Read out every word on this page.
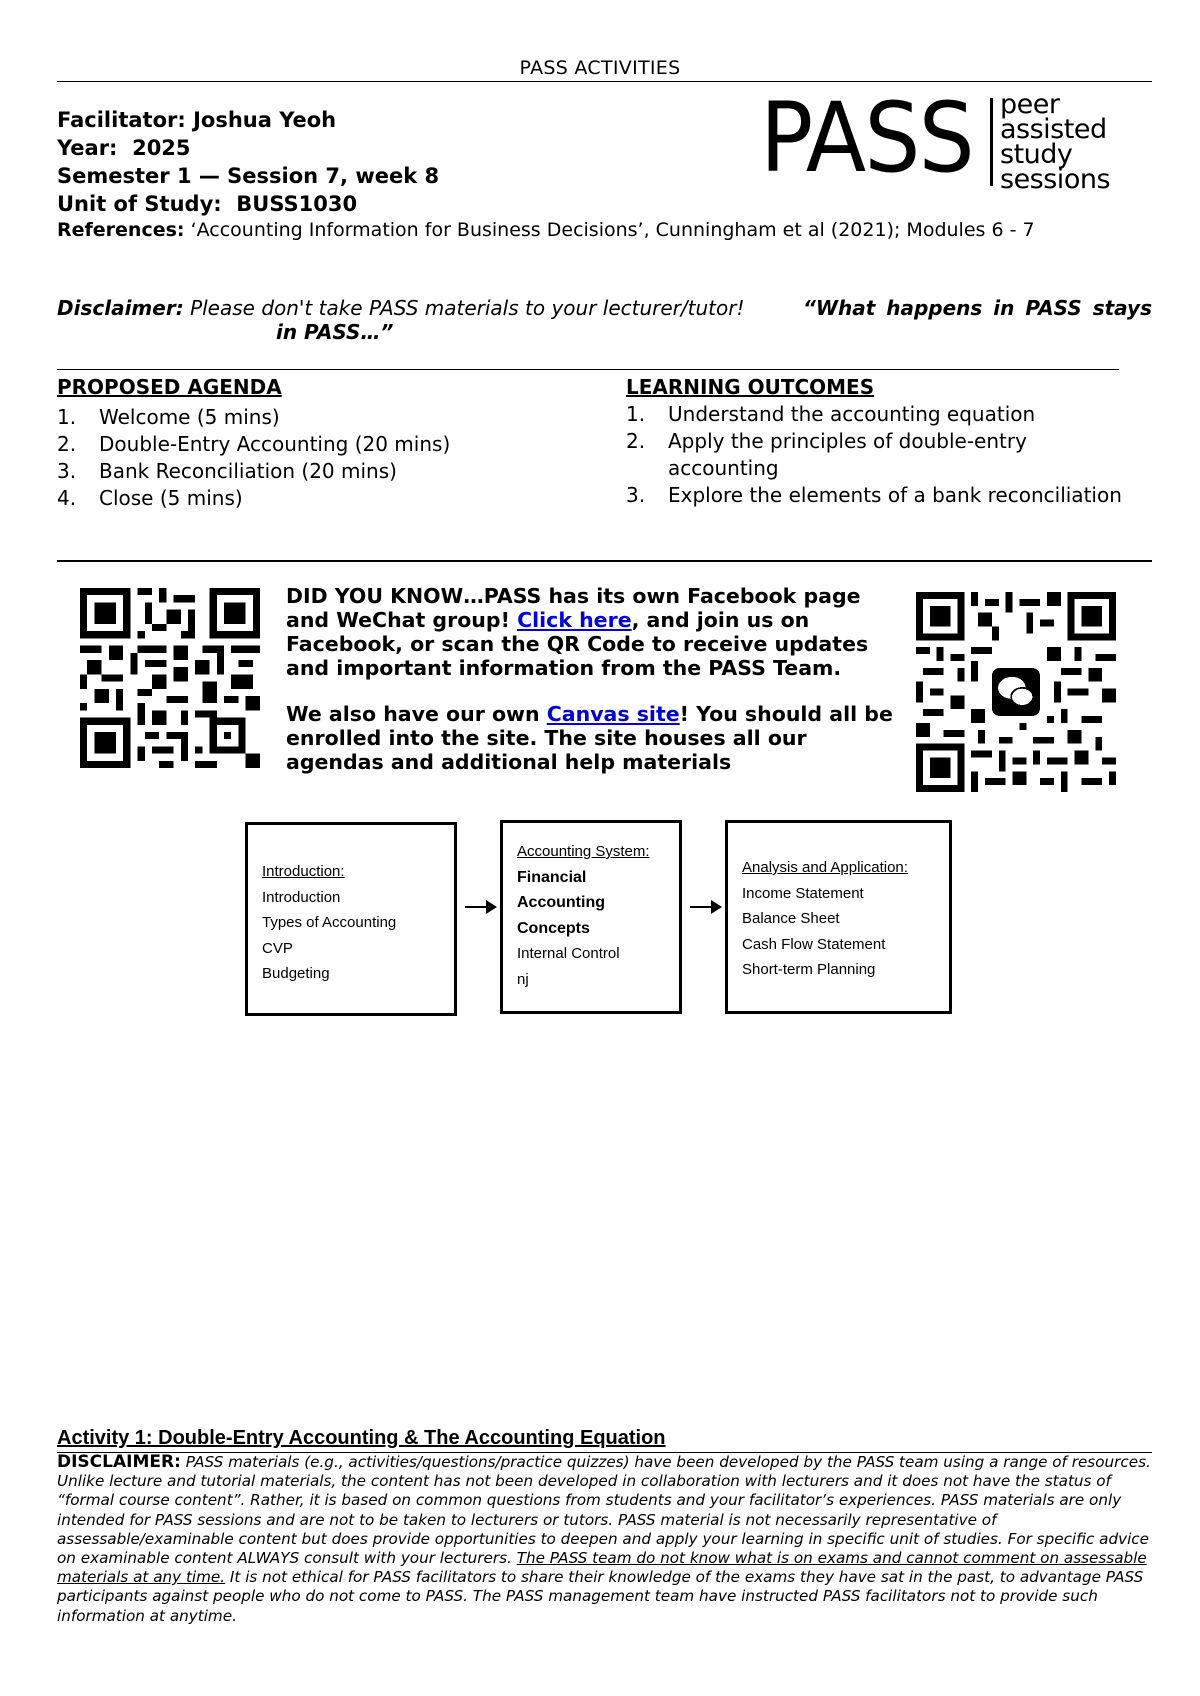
PASS ACTIVITIES
Facilitator: Joshua Yeoh
Year: 2025
Semester 1 — Session 7, week 8
Unit of Study: BUSS1030
References: ‘Accounting Information for Business Decisions’, Cunningham et al (2021); Modules 6 - 7
PASS peer
assisted
study
sessions
Disclaimer: Please don't take PASS materials to your lecturer/tutor!	“What happens in PASS stays
in PASS…”
PROPOSED AGENDA
1. Welcome (5 mins)
2. Double-Entry Accounting (20 mins)
3. Bank Reconciliation (20 mins)
4. Close (5 mins)
LEARNING OUTCOMES
1. Understand the accounting equation
2. Apply the principles of double-entry accounting
3. Explore the elements of a bank reconciliation
DID YOU KNOW…PASS has its own Facebook page and WeChat group! Click here, and join us on Facebook, or scan the QR Code to receive updates and important information from the PASS Team.
We also have our own Canvas site! You should all be enrolled into the site. The site houses all our agendas and additional help materials
Introduction:
Introduction
Types of Accounting
CVP
Budgeting
Accounting System:
Financial
Accounting
Concepts
Internal Control
nj
Analysis and Application:
Income Statement
Balance Sheet
Cash Flow Statement
Short-term Planning
Activity 1: Double-Entry Accounting & The Accounting Equation
DISCLAIMER: PASS materials (e.g., activities/questions/practice quizzes) have been developed by the PASS team using a range of resources. Unlike lecture and tutorial materials, the content has not been developed in collaboration with lecturers and it does not have the status of “formal course content”. Rather, it is based on common questions from students and your facilitator’s experiences. PASS materials are only intended for PASS sessions and are not to be taken to lecturers or tutors. PASS material is not necessarily representative of assessable/examinable content but does provide opportunities to deepen and apply your learning in specific unit of studies. For specific advice on examinable content ALWAYS consult with your lecturers. The PASS team do not know what is on exams and cannot comment on assessable materials at any time. It is not ethical for PASS facilitators to share their knowledge of the exams they have sat in the past, to advantage PASS participants against people who do not come to PASS. The PASS management team have instructed PASS facilitators not to provide such information at anytime.
